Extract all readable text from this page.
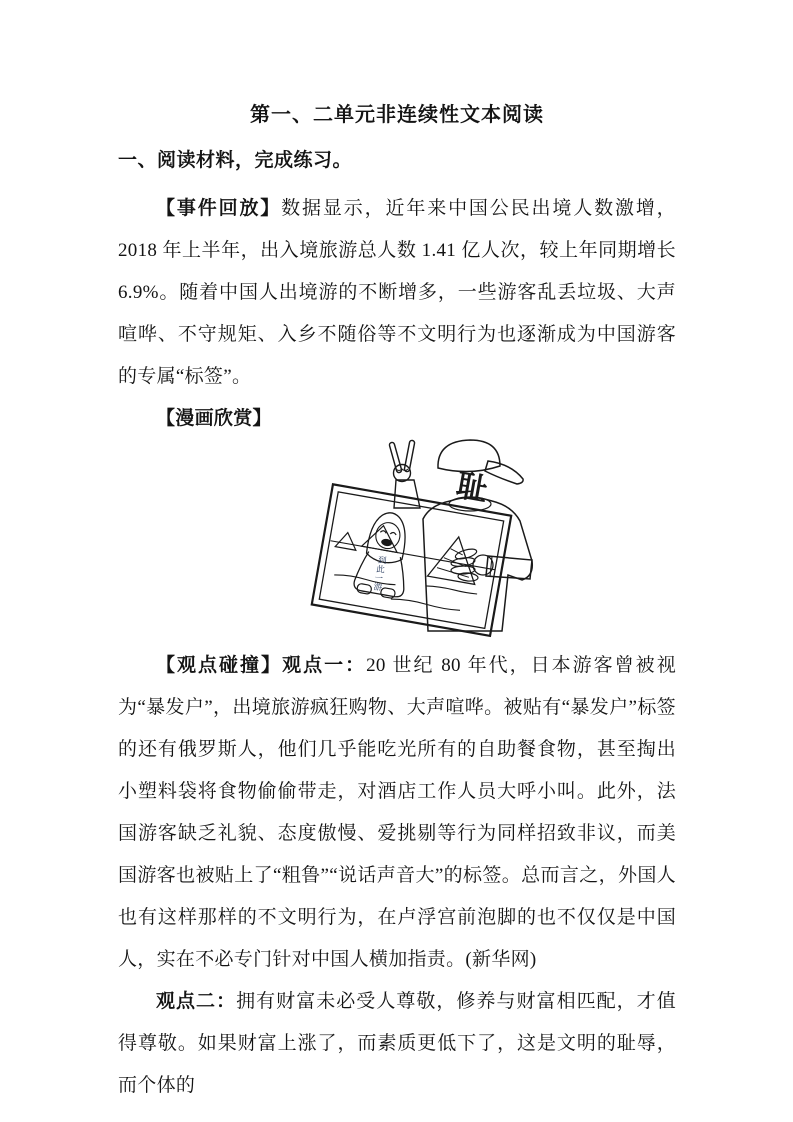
第一、二单元非连续性文本阅读
一、阅读材料，完成练习。

【事件回放】数据显示，近年来中国公民出境人数激增，2018 年上半年，出入境旅游总人数 1.41 亿人次，较上年同期增长 6.9%。随着中国人出境游的不断增多，一些游客乱丢垃圾、大声喧哗、不守规矩、入乡不随俗等不文明行为也逐渐成为中国游客的专属“标签”。

【漫画欣赏】

耻
到 此 一 游

【观点碰撞】观点一：20 世纪 80 年代，日本游客曾被视为“暴发户”，出境旅游疯狂购物、大声喧哗。被贴有“暴发户”标签的还有俄罗斯人，他们几乎能吃光所有的自助餐食物，甚至掏出小塑料袋将食物偷偷带走，对酒店工作人员大呼小叫。此外，法国游客缺乏礼貌、态度傲慢、爱挑剔等行为同样招致非议，而美国游客也被贴上了“粗鲁”“说话声音大”的标签。总而言之，外国人也有这样那样的不文明行为，在卢浮宫前泡脚的也不仅仅是中国人，实在不必专门针对中国人横加指责。(新华网)

观点二：拥有财富未必受人尊敬，修养与财富相匹配，才值得尊敬。如果财富上涨了，而素质更低下了，这是文明的耻辱，而个体的
